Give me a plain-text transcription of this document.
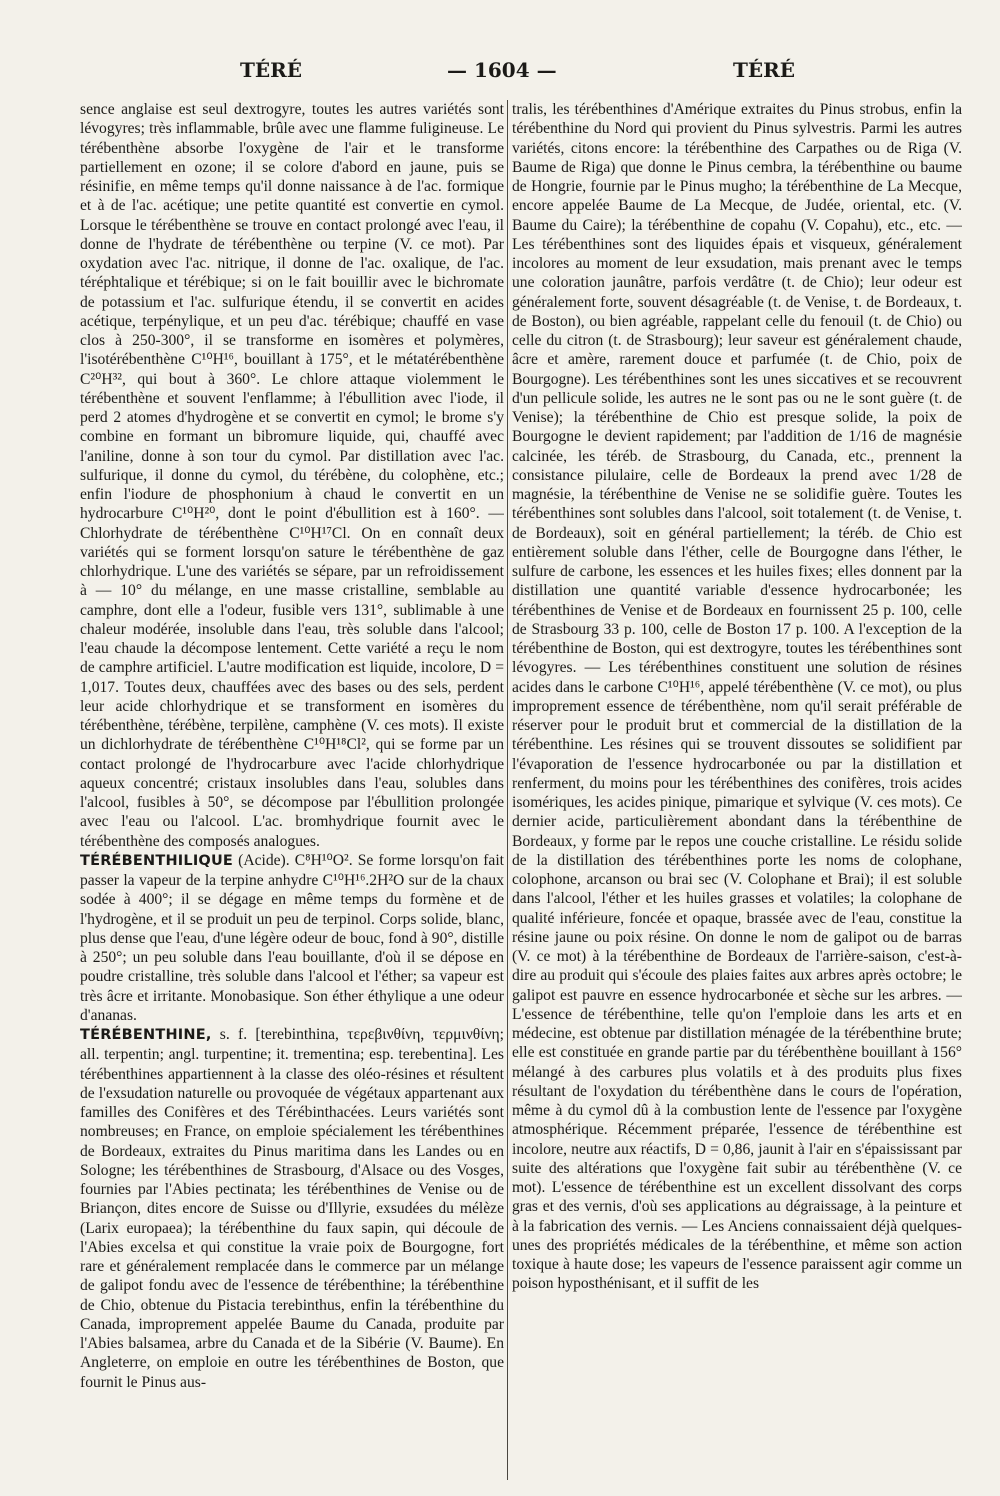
TÉRÉ	— 1604 —	TÉRÉ

sence anglaise est seul dextrogyre, toutes les autres variétés sont lévogyres; très inflammable, brûle avec une flamme fuligineuse. Le térébenthène absorbe l'oxygène de l'air et le transforme partiellement en ozone; il se colore d'abord en jaune, puis se résinifie, en même temps qu'il donne naissance à de l'ac. formique et à de l'ac. acétique; une petite quantité est convertie en cymol. Lorsque le térébenthène se trouve en contact prolongé avec l'eau, il donne de l'hydrate de térébenthène ou terpine (V. ce mot). Par oxydation avec l'ac. nitrique, il donne de l'ac. oxalique, de l'ac. téréphtalique et térébique; si on le fait bouillir avec le bichromate de potassium et l'ac. sulfurique étendu, il se convertit en acides acétique, terpénylique, et un peu d'ac. térébique; chauffé en vase clos à 250-300°, il se transforme en isomères et polymères, l'isotérébenthène C¹⁰H¹⁶, bouillant à 175°, et le métatérébenthène C²⁰H³², qui bout à 360°. Le chlore attaque violemment le térébenthène et souvent l'enflamme; à l'ébullition avec l'iode, il perd 2 atomes d'hydrogène et se convertit en cymol; le brome s'y combine en formant un bibromure liquide, qui, chauffé avec l'aniline, donne à son tour du cymol. Par distillation avec l'ac. sulfurique, il donne du cymol, du térébène, du colophène, etc.; enfin l'iodure de phosphonium à chaud le convertit en un hydrocarbure C¹⁰H²⁰, dont le point d'ébullition est à 160°. — Chlorhydrate de térébenthène C¹⁰H¹⁷Cl. On en connaît deux variétés qui se forment lorsqu'on sature le térébenthène de gaz chlorhydrique. L'une des variétés se sépare, par un refroidissement à — 10° du mélange, en une masse cristalline, semblable au camphre, dont elle a l'odeur, fusible vers 131°, sublimable à une chaleur modérée, insoluble dans l'eau, très soluble dans l'alcool; l'eau chaude la décompose lentement. Cette variété a reçu le nom de camphre artificiel. L'autre modification est liquide, incolore, D = 1,017. Toutes deux, chauffées avec des bases ou des sels, perdent leur acide chlorhydrique et se transforment en isomères du térébenthène, térébène, terpilène, camphène (V. ces mots). Il existe un dichlorhydrate de térébenthène C¹⁰H¹⁸Cl², qui se forme par un contact prolongé de l'hydrocarbure avec l'acide chlorhydrique aqueux concentré; cristaux insolubles dans l'eau, solubles dans l'alcool, fusibles à 50°, se décompose par l'ébullition prolongée avec l'eau ou l'alcool. L'ac. bromhydrique fournit avec le térébenthène des composés analogues.

TÉRÉBENTHILIQUE (Acide). C⁸H¹⁰O². Se forme lorsqu'on fait passer la vapeur de la terpine anhydre C¹⁰H¹⁶.2H²O sur de la chaux sodée à 400°; il se dégage en même temps du formène et de l'hydrogène, et il se produit un peu de terpinol. Corps solide, blanc, plus dense que l'eau, d'une légère odeur de bouc, fond à 90°, distille à 250°; un peu soluble dans l'eau bouillante, d'où il se dépose en poudre cristalline, très soluble dans l'alcool et l'éther; sa vapeur est très âcre et irritante. Monobasique. Son éther éthylique a une odeur d'ananas.

TÉRÉBENTHINE, s. f. [terebinthina, τερεβινθίνη, τερμινθίνη; all. terpentin; angl. turpentine; it. trementina; esp. terebentina]. Les térébenthines appartiennent à la classe des oléo-résines et résultent de l'exsudation naturelle ou provoquée de végétaux appartenant aux familles des Conifères et des Térébinthacées. Leurs variétés sont nombreuses; en France, on emploie spécialement les térébenthines de Bordeaux, extraites du Pinus maritima dans les Landes ou en Sologne; les térébenthines de Strasbourg, d'Alsace ou des Vosges, fournies par l'Abies pectinata; les térébenthines de Venise ou de Briançon, dites encore de Suisse ou d'Illyrie, exsudées du mélèze (Larix europaea); la térébenthine du faux sapin, qui découle de l'Abies excelsa et qui constitue la vraie poix de Bourgogne, fort rare et généralement remplacée dans le commerce par un mélange de galipot fondu avec de l'essence de térébenthine; la térébenthine de Chio, obtenue du Pistacia terebinthus, enfin la térébenthine du Canada, improprement appelée Baume du Canada, produite par l'Abies balsamea, arbre du Canada et de la Sibérie (V. Baume). En Angleterre, on emploie en outre les térébenthines de Boston, que fournit le Pinus aus-

tralis, les térébenthines d'Amérique extraites du Pinus strobus, enfin la térébenthine du Nord qui provient du Pinus sylvestris. Parmi les autres variétés, citons encore: la térébenthine des Carpathes ou de Riga (V. Baume de Riga) que donne le Pinus cembra, la térébenthine ou baume de Hongrie, fournie par le Pinus mugho; la térébenthine de La Mecque, encore appelée Baume de La Mecque, de Judée, oriental, etc. (V. Baume du Caire); la térébenthine de copahu (V. Copahu), etc., etc. — Les térébenthines sont des liquides épais et visqueux, généralement incolores au moment de leur exsudation, mais prenant avec le temps une coloration jaunâtre, parfois verdâtre (t. de Chio); leur odeur est généralement forte, souvent désagréable (t. de Venise, t. de Bordeaux, t. de Boston), ou bien agréable, rappelant celle du fenouil (t. de Chio) ou celle du citron (t. de Strasbourg); leur saveur est généralement chaude, âcre et amère, rarement douce et parfumée (t. de Chio, poix de Bourgogne). Les térébenthines sont les unes siccatives et se recouvrent d'un pellicule solide, les autres ne le sont pas ou ne le sont guère (t. de Venise); la térébenthine de Chio est presque solide, la poix de Bourgogne le devient rapidement; par l'addition de 1/16 de magnésie calcinée, les téréb. de Strasbourg, du Canada, etc., prennent la consistance pilulaire, celle de Bordeaux la prend avec 1/28 de magnésie, la térébenthine de Venise ne se solidifie guère. Toutes les térébenthines sont solubles dans l'alcool, soit totalement (t. de Venise, t. de Bordeaux), soit en général partiellement; la téréb. de Chio est entièrement soluble dans l'éther, celle de Bourgogne dans l'éther, le sulfure de carbone, les essences et les huiles fixes; elles donnent par la distillation une quantité variable d'essence hydrocarbonée; les térébenthines de Venise et de Bordeaux en fournissent 25 p. 100, celle de Strasbourg 33 p. 100, celle de Boston 17 p. 100. A l'exception de la térébenthine de Boston, qui est dextrogyre, toutes les térébenthines sont lévogyres. — Les térébenthines constituent une solution de résines acides dans le carbone C¹⁰H¹⁶, appelé térébenthène (V. ce mot), ou plus improprement essence de térébenthène, nom qu'il serait préférable de réserver pour le produit brut et commercial de la distillation de la térébenthine. Les résines qui se trouvent dissoutes se solidifient par l'évaporation de l'essence hydrocarbonée ou par la distillation et renferment, du moins pour les térébenthines des conifères, trois acides isomériques, les acides pinique, pimarique et sylvique (V. ces mots). Ce dernier acide, particulièrement abondant dans la térébenthine de Bordeaux, y forme par le repos une couche cristalline. Le résidu solide de la distillation des térébenthines porte les noms de colophane, colophone, arcanson ou brai sec (V. Colophane et Brai); il est soluble dans l'alcool, l'éther et les huiles grasses et volatiles; la colophane de qualité inférieure, foncée et opaque, brassée avec de l'eau, constitue la résine jaune ou poix résine. On donne le nom de galipot ou de barras (V. ce mot) à la térébenthine de Bordeaux de l'arrière-saison, c'est-à-dire au produit qui s'écoule des plaies faites aux arbres après octobre; le galipot est pauvre en essence hydrocarbonée et sèche sur les arbres. — L'essence de térébenthine, telle qu'on l'emploie dans les arts et en médecine, est obtenue par distillation ménagée de la térébenthine brute; elle est constituée en grande partie par du térébenthène bouillant à 156° mélangé à des carbures plus volatils et à des produits plus fixes résultant de l'oxydation du térébenthène dans le cours de l'opération, même à du cymol dû à la combustion lente de l'essence par l'oxygène atmosphérique. Récemment préparée, l'essence de térébenthine est incolore, neutre aux réactifs, D = 0,86, jaunit à l'air en s'épaississant par suite des altérations que l'oxygène fait subir au térébenthène (V. ce mot). L'essence de térébenthine est un excellent dissolvant des corps gras et des vernis, d'où ses applications au dégraissage, à la peinture et à la fabrication des vernis. — Les Anciens connaissaient déjà quelques-unes des propriétés médicales de la térébenthine, et même son action toxique à haute dose; les vapeurs de l'essence paraissent agir comme un poison hyposthénisant, et il suffit de les
